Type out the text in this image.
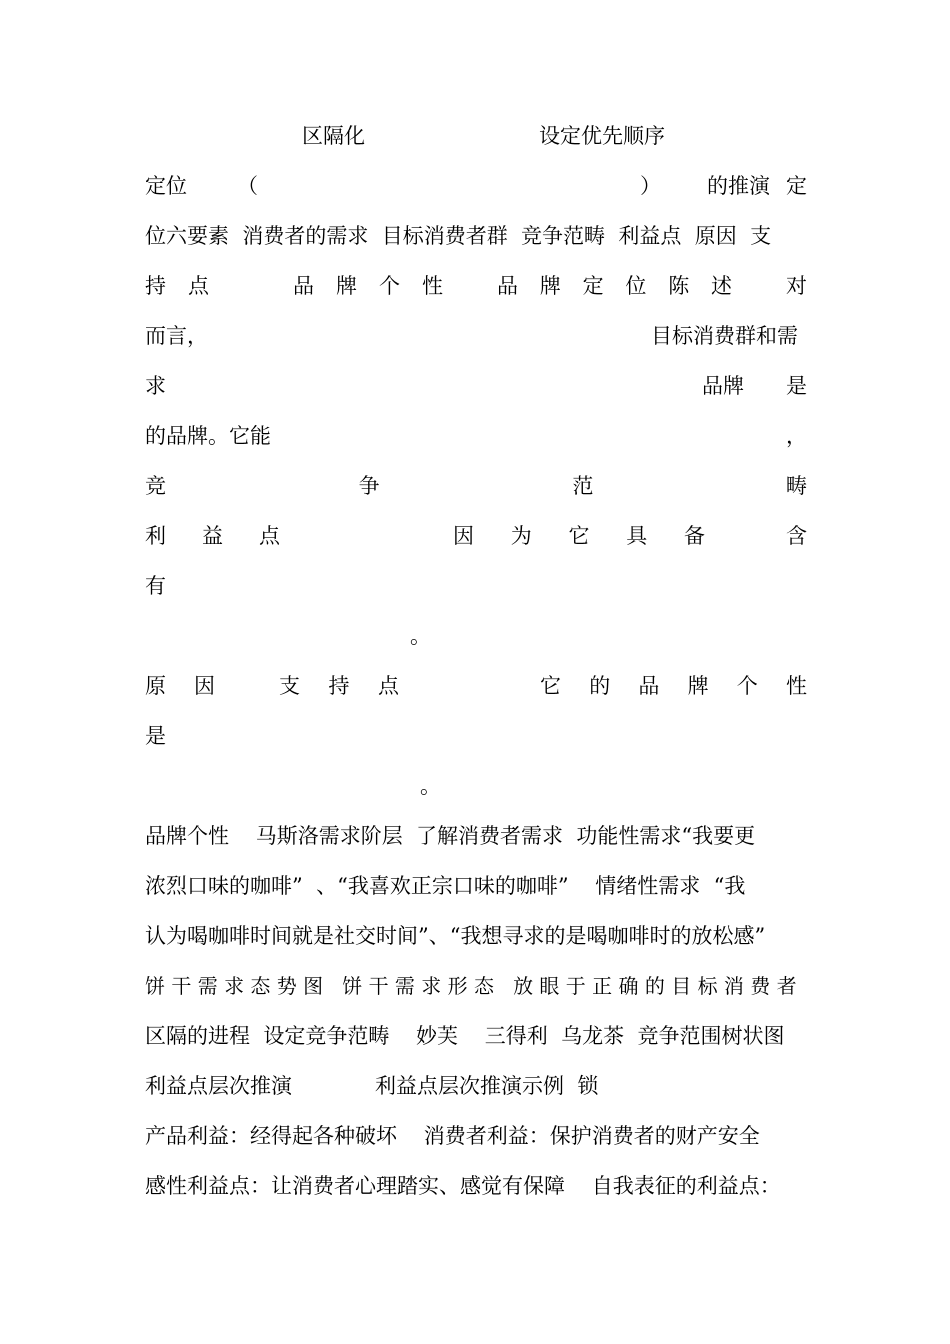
区隔化	设定优先顺序
定位 （	） 的推演 定
位六要素  消费者的需求  目标消费者群  竞争范畴  利益点  原因  支
持 点	品 牌 个 性	品 牌 定 位 陈 述	对
而言，	目标消费群和需
求	品牌 是
的品牌。它能	，
竞	争	范	畴
利 益 点	因 为 它 具 备	含
有
。
原 因	支 持 点	它 的 品 牌 个 性
是
。
品牌个性    马斯洛需求阶层  了解消费者需求  功能性需求“我要更
浓烈口味的咖啡”  、“我喜欢正宗口味的咖啡”    情绪性需求  “我
认为喝咖啡时间就是社交时间”、“我想寻求的是喝咖啡时的放松感”
饼 干 需 求 态 势 图   饼 干 需 求 形 态   放 眼 于 正 确 的 目 标 消 费 者
区隔的进程  设定竞争范畴    妙芙    三得利  乌龙茶  竞争范围树状图
利益点层次推演	利益点层次推演示例  锁
产品利益：经得起各种破坏    消费者利益：保护消费者的财产安全
感性利益点：让消费者心理踏实、感觉有保障    自我表征的利益点：
